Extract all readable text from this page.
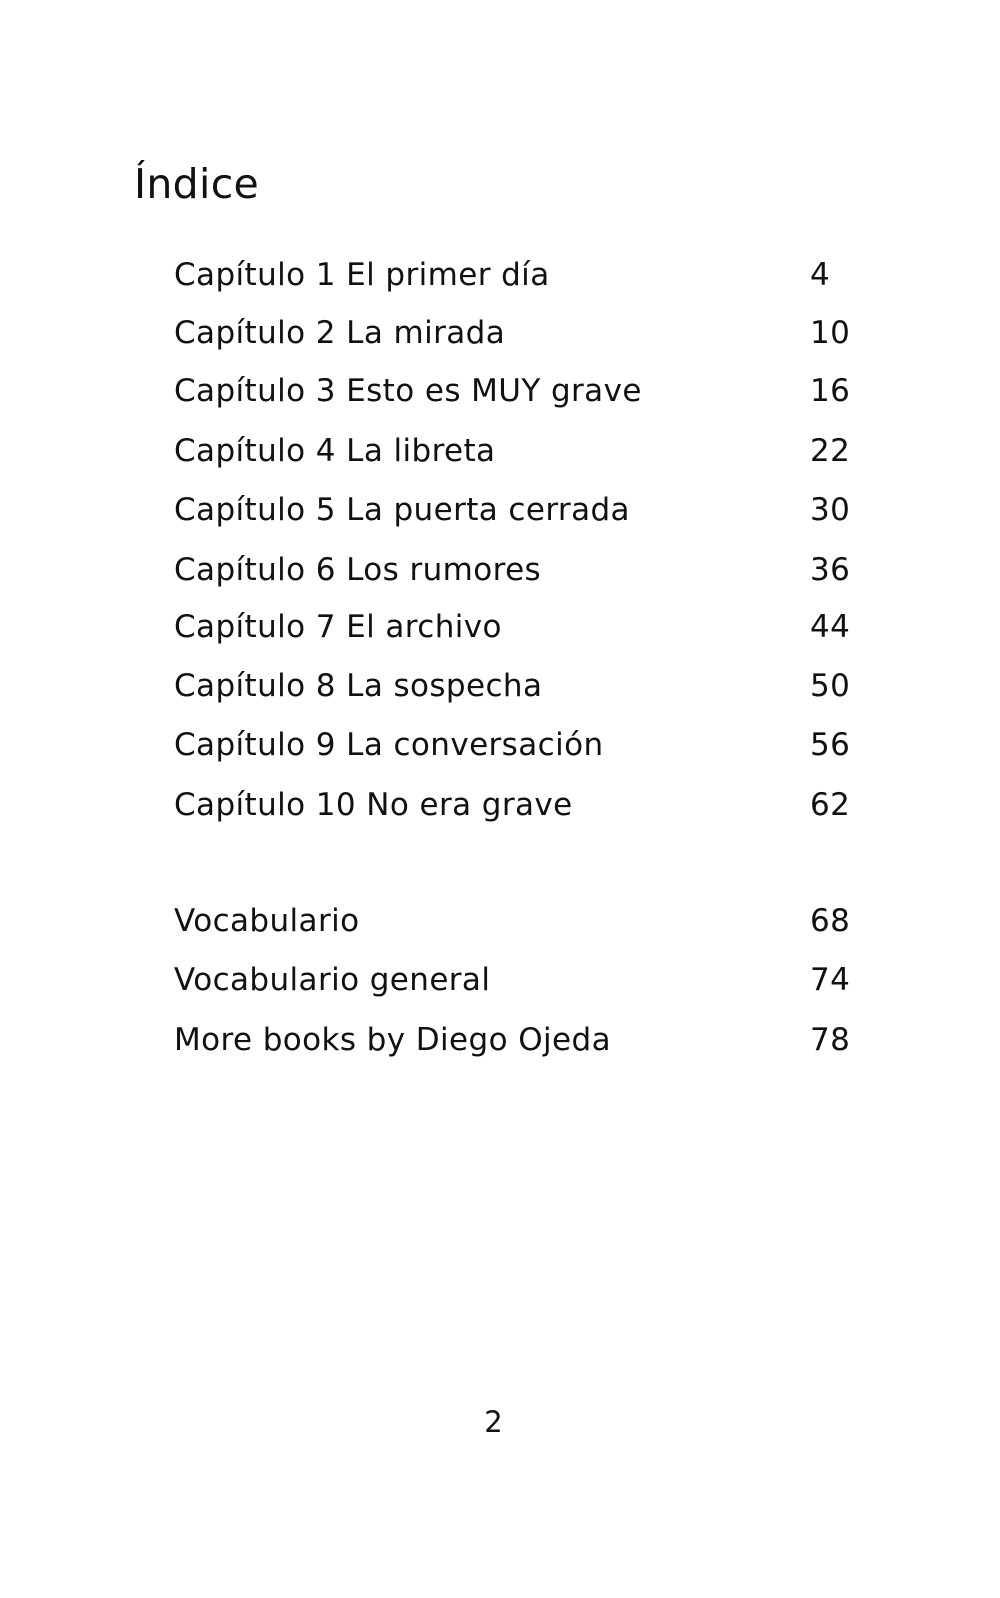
Índice
Capítulo 1 El primer día	4
Capítulo 2 La mirada	10
Capítulo 3 Esto es MUY grave	16
Capítulo 4 La libreta	22
Capítulo 5 La puerta cerrada	30
Capítulo 6 Los rumores	36
Capítulo 7 El archivo	44
Capítulo 8 La sospecha	50
Capítulo 9 La conversación	56
Capítulo 10 No era grave	62
Vocabulario	68
Vocabulario general	74
More books by Diego Ojeda	78
2
